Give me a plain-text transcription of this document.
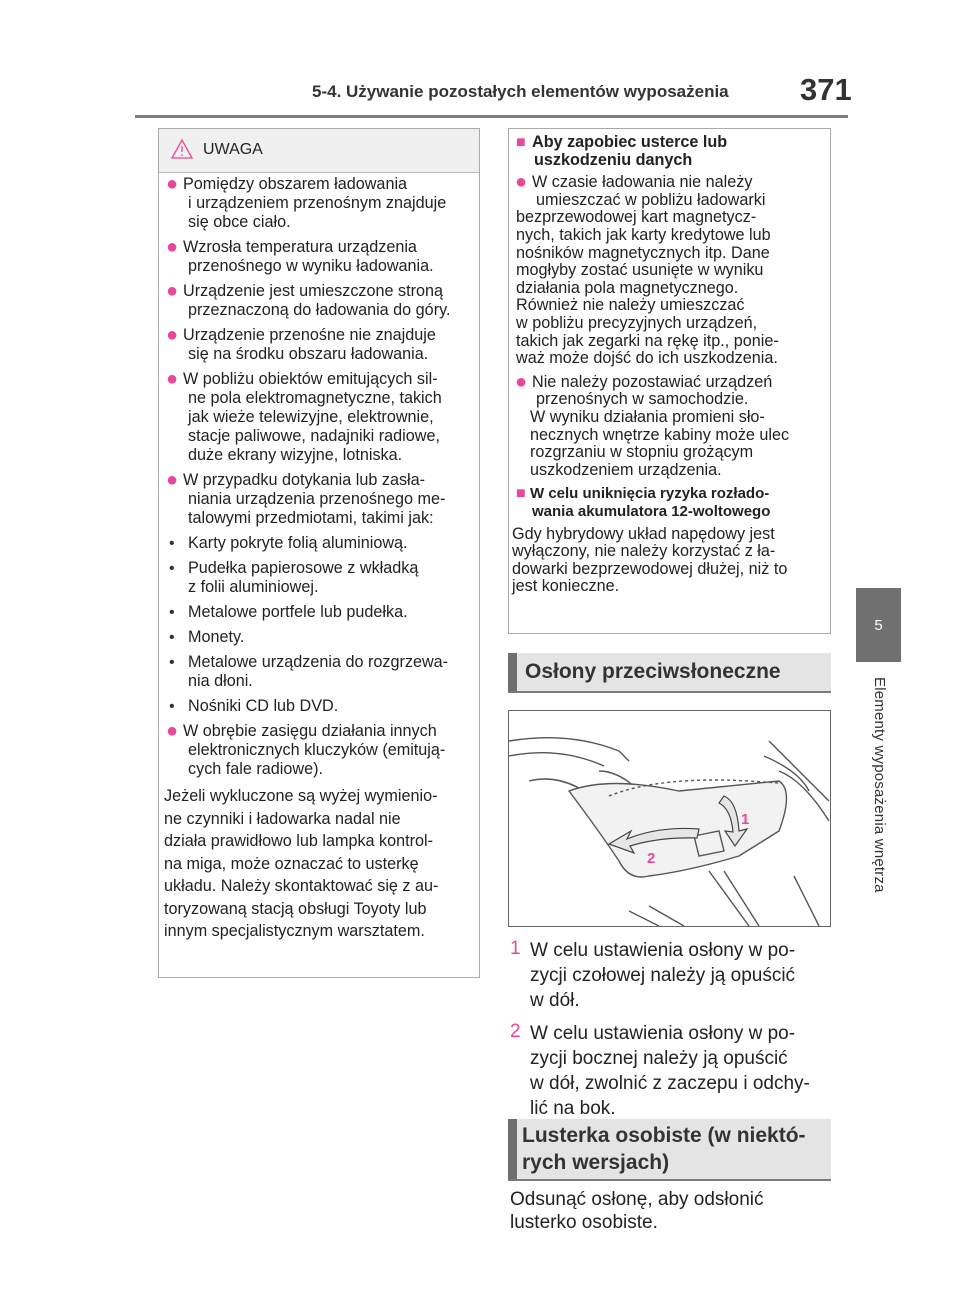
5-4. Używanie pozostałych elementów wyposażenia 371
5
Elementy wyposażenia wnętrza
UWAGA
● Pomiędzy obszarem ładowania
i urządzeniem przenośnym znajduje
się obce ciało.
● Wzrosła temperatura urządzenia
przenośnego w wyniku ładowania.
● Urządzenie jest umieszczone stroną
przeznaczoną do ładowania do góry.
● Urządzenie przenośne nie znajduje
się na środku obszaru ładowania.
● W pobliżu obiektów emitujących sil-
ne pola elektromagnetyczne, takich
jak wieże telewizyjne, elektrownie,
stacje paliwowe, nadajniki radiowe,
duże ekrany wizyjne, lotniska.
● W przypadku dotykania lub zasła-
niania urządzenia przenośnego me-
talowymi przedmiotami, takimi jak:
• Karty pokryte folią aluminiową.
• Pudełka papierosowe z wkładką
z folii aluminiowej.
• Metalowe portfele lub pudełka.
• Monety.
• Metalowe urządzenia do rozgrzewa-
nia dłoni.
• Nośniki CD lub DVD.
● W obrębie zasięgu działania innych
elektronicznych kluczyków (emitują-
cych fale radiowe).
Jeżeli wykluczone są wyżej wymienio-
ne czynniki i ładowarka nadal nie
działa prawidłowo lub lampka kontrol-
na miga, może oznaczać to usterkę
układu. Należy skontaktować się z au-
toryzowaną stacją obsługi Toyoty lub
innym specjalistycznym warsztatem.
■ Aby zapobiec usterce lub
uszkodzeniu danych
● W czasie ładowania nie należy
umieszczać w pobliżu ładowarki
bezprzewodowej kart magnetycz-
nych, takich jak karty kredytowe lub
nośników magnetycznych itp. Dane
mogłyby zostać usunięte w wyniku
działania pola magnetycznego.
Również nie należy umieszczać
w pobliżu precyzyjnych urządzeń,
takich jak zegarki na rękę itp., ponie-
waż może dojść do ich uszkodzenia.
● Nie należy pozostawiać urządzeń
przenośnych w samochodzie.
W wyniku działania promieni sło-
necznych wnętrze kabiny może ulec
rozgrzaniu w stopniu grożącym
uszkodzeniem urządzenia.
■ W celu uniknięcia ryzyka rozłado-
wania akumulatora 12-woltowego
Gdy hybrydowy układ napędowy jest
wyłączony, nie należy korzystać z ła-
dowarki bezprzewodowej dłużej, niż to
jest konieczne.
Osłony przeciwsłoneczne
1
2
1 W celu ustawienia osłony w po-
zycji czołowej należy ją opuścić
w dół.
2 W celu ustawienia osłony w po-
zycji bocznej należy ją opuścić
w dół, zwolnić z zaczepu i odchy-
lić na bok.
Lusterka osobiste (w niektó-
rych wersjach)
Odsunąć osłonę, aby odsłonić
lusterko osobiste.
